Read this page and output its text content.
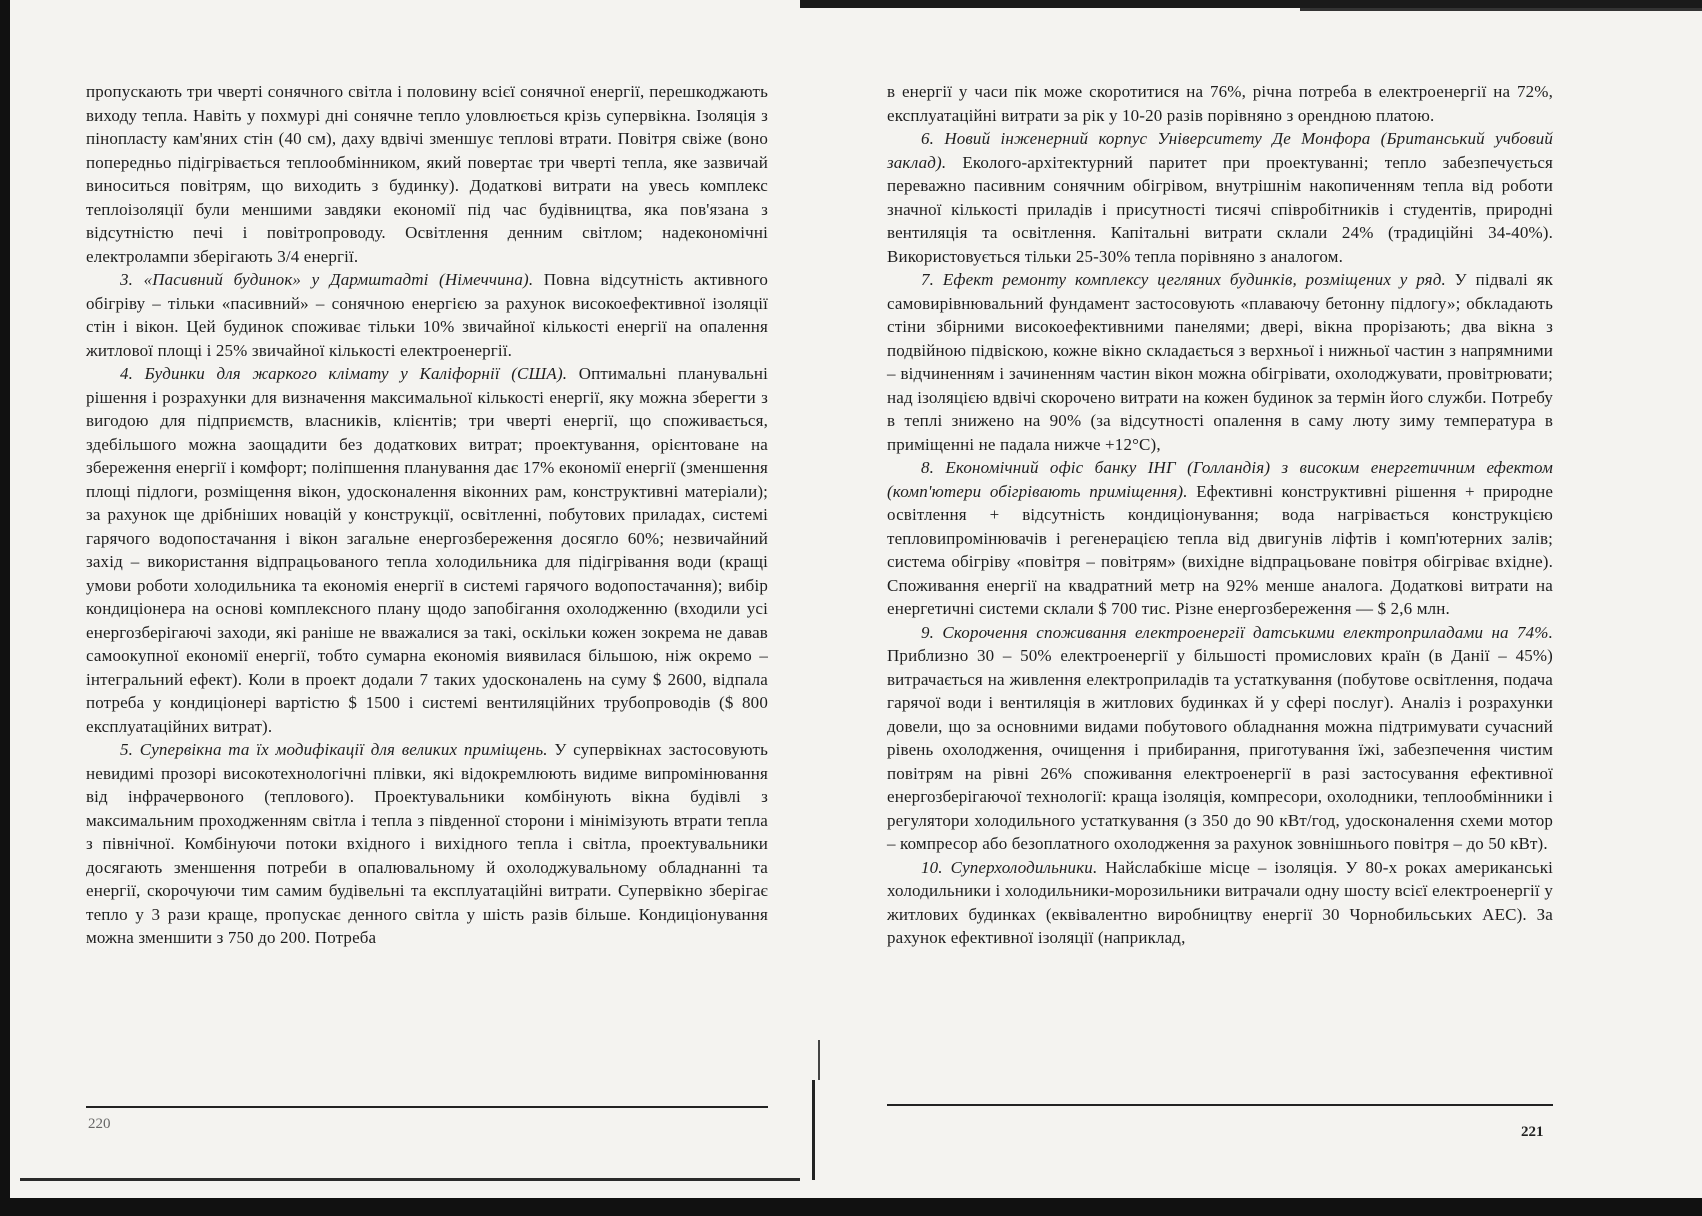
пропускають три чверті сонячного світла і половину всієї сонячної енергії, перешкоджають виходу тепла. Навіть у похмурі дні сонячне тепло уловлюється крізь супервікна. Ізоляція з пінопласту кам'яних стін (40 см), даху вдвічі зменшує теплові втрати. Повітря свіже (воно попередньо підігрівається теплообмінником, який повертає три чверті тепла, яке зазвичай виноситься повітрям, що виходить з будинку). Додаткові витрати на увесь комплекс теплоізоляції були меншими завдяки економії під час будівництва, яка пов'язана з відсутністю печі і повітропроводу. Освітлення денним світлом; надекономічні електролампи зберігають 3/4 енергії.

3. «Пасивний будинок» у Дармштадті (Німеччина). Повна відсутність активного обігріву – тільки «пасивний» – сонячною енергією за рахунок високоефективної ізоляції стін і вікон. Цей будинок споживає тільки 10% звичайної кількості енергії на опалення житлової площі і 25% звичайної кількості електроенергії.

4. Будинки для жаркого клімату у Каліфорнії (США). Оптимальні планувальні рішення і розрахунки для визначення максимальної кількості енергії, яку можна зберегти з вигодою для підприємств, власників, клієнтів; три чверті енергії, що споживається, здебільшого можна заощадити без додаткових витрат; проектування, орієнтоване на збереження енергії і комфорт; поліпшення планування дає 17% економії енергії (зменшення площі підлоги, розміщення вікон, удосконалення віконних рам, конструктивні матеріали); за рахунок ще дрібніших новацій у конструкції, освітленні, побутових приладах, системі гарячого водопостачання і вікон загальне енергозбереження досягло 60%; незвичайний захід – використання відпрацьованого тепла холодильника для підігрівання води (кращі умови роботи холодильника та економія енергії в системі гарячого водопостачання); вибір кондиціонера на основі комплексного плану щодо запобігання охолодженню (входили усі енергозберігаючі заходи, які раніше не вважалися за такі, оскільки кожен зокрема не давав самоокупної економії енергії, тобто сумарна економія виявилася більшою, ніж окремо – інтегральний ефект). Коли в проект додали 7 таких удосконалень на суму $ 2600, відпала потреба у кондиціонері вартістю $ 1500 і системі вентиляційних трубопроводів ($ 800 експлуатаційних витрат).

5. Супервікна та їх модифікації для великих приміщень. У супервікнах застосовують невидимі прозорі високотехнологічні плівки, які відокремлюють видиме випромінювання від інфрачервоного (теплового). Проектувальники комбінують вікна будівлі з максимальним проходженням світла і тепла з південної сторони і мінімізують втрати тепла з північної. Комбінуючи потоки вхідного і вихідного тепла і світла, проектувальники досягають зменшення потреби в опалювальному й охолоджувальному обладнанні та енергії, скорочуючи тим самим будівельні та експлуатаційні витрати. Супервікно зберігає тепло у 3 рази краще, пропускає денного світла у шість разів більше. Кондиціонування можна зменшити з 750 до 200. Потреба

220

в енергії у часи пік може скоротитися на 76%, річна потреба в електроенергії на 72%, експлуатаційні витрати за рік у 10-20 разів порівняно з орендною платою.

6. Новий інженерний корпус Університету Де Монфора (Британський учбовий заклад). Еколого-архітектурний паритет при проектуванні; тепло забезпечується переважно пасивним сонячним обігрівом, внутрішнім накопиченням тепла від роботи значної кількості приладів і присутності тисячі співробітників і студентів, природні вентиляція та освітлення. Капітальні витрати склали 24% (традиційні 34-40%). Використовується тільки 25-30% тепла порівняно з аналогом.

7. Ефект ремонту комплексу цегляних будинків, розміщених у ряд. У підвалі як самовирівнювальний фундамент застосовують «плаваючу бетонну підлогу»; обкладають стіни збірними високоефективними панелями; двері, вікна прорізають; два вікна з подвійною підвіскою, кожне вікно складається з верхньої і нижньої частин з напрямними – відчиненням і зачиненням частин вікон можна обігрівати, охолоджувати, провітрювати; над ізоляцією вдвічі скорочено витрати на кожен будинок за термін його служби. Потребу в теплі знижено на 90% (за відсутності опалення в саму люту зиму температура в приміщенні не падала нижче +12°С),

8. Економічний офіс банку ІНГ (Голландія) з високим енергетичним ефектом (комп'ютери обігрівають приміщення). Ефективні конструктивні рішення + природне освітлення + відсутність кондиціонування; вода нагрівається конструкцією тепловипромінювачів і регенерацією тепла від двигунів ліфтів і комп'ютерних залів; система обігріву «повітря – повітрям» (вихідне відпрацьоване повітря обігріває вхідне). Споживання енергії на квадратний метр на 92% менше аналога. Додаткові витрати на енергетичні системи склали $ 700 тис. Різне енергозбереження — $ 2,6 млн.

9. Скорочення споживання електроенергії датськими електроприладами на 74%. Приблизно 30 – 50% електроенергії у більшості промислових країн (в Данії – 45%) витрачається на живлення електроприладів та устаткування (побутове освітлення, подача гарячої води і вентиляція в житлових будинках й у сфері послуг). Аналіз і розрахунки довели, що за основними видами побутового обладнання можна підтримувати сучасний рівень охолодження, очищення і прибирання, приготування їжі, забезпечення чистим повітрям на рівні 26% споживання електроенергії в разі застосування ефективної енергозберігаючої технології: краща ізоляція, компресори, охолодники, теплообмінники і регулятори холодильного устаткування (з 350 до 90 кВт/год, удосконалення схеми мотор – компресор або безоплатного охолодження за рахунок зовнішнього повітря – до 50 кВт).

10. Суперхолодильники. Найслабкіше місце – ізоляція. У 80-х роках американські холодильники і холодильники-морозильники витрачали одну шосту всієї електроенергії у житлових будинках (еквівалентно виробництву енергії 30 Чорнобильських АЕС). За рахунок ефективної ізоляції (наприклад,

221
